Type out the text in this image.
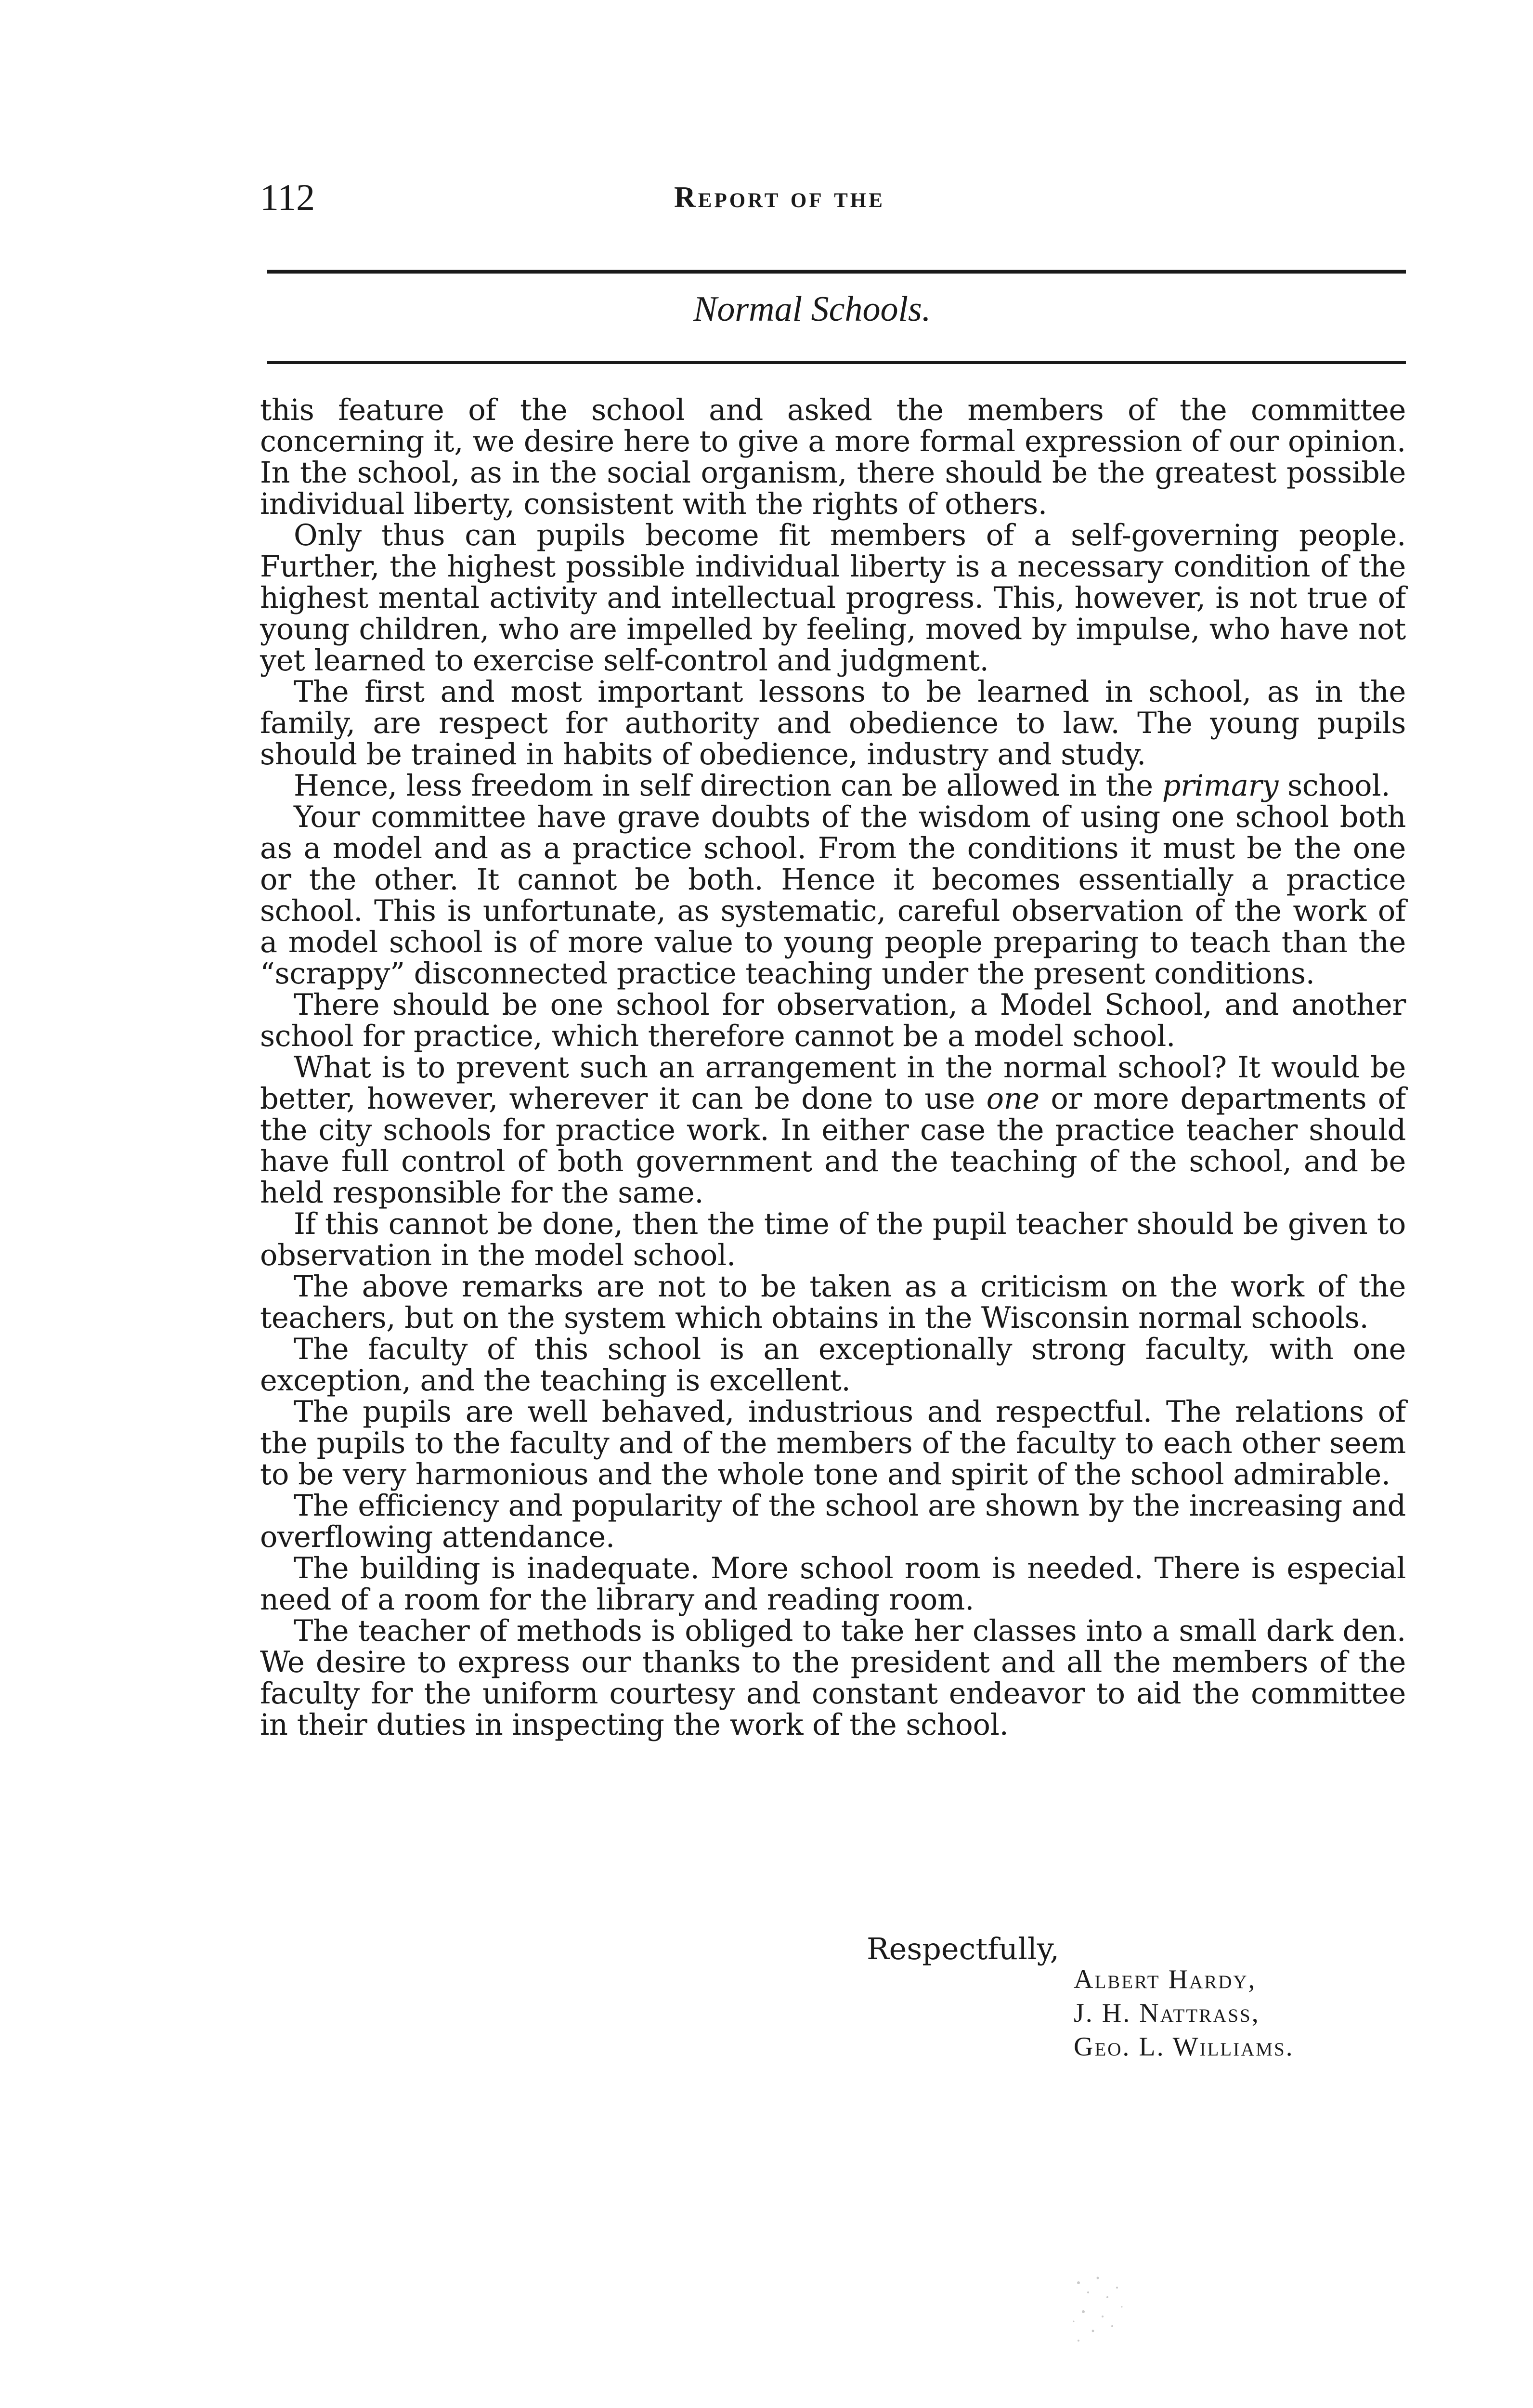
112	Report of the
Normal Schools.

this feature of the school and asked the members of the committee concerning it, we desire here to give a more formal expression of our opinion. In the school, as in the social organism, there should be the greatest possible individual liberty, consistent with the rights of others.

Only thus can pupils become fit members of a self-governing people. Further, the highest possible individual liberty is a necessary condition of the highest mental activity and intellectual progress. This, however, is not true of young children, who are impelled by feeling, moved by impulse, who have not yet learned to exercise self-control and judgment.

The first and most important lessons to be learned in school, as in the family, are respect for authority and obedience to law. The young pupils should be trained in habits of obedience, industry and study.

Hence, less freedom in self direction can be allowed in the primary school.

Your committee have grave doubts of the wisdom of using one school both as a model and as a practice school. From the conditions it must be the one or the other. It cannot be both. Hence it becomes essentially a practice school. This is unfortunate, as systematic, careful observation of the work of a model school is of more value to young people preparing to teach than the “scrappy” disconnected practice teaching under the present conditions.

There should be one school for observation, a Model School, and another school for practice, which therefore cannot be a model school.

What is to prevent such an arrangement in the normal school? It would be better, however, wherever it can be done to use one or more departments of the city schools for practice work. In either case the practice teacher should have full control of both government and the teaching of the school, and be held responsible for the same.

If this cannot be done, then the time of the pupil teacher should be given to observation in the model school.

The above remarks are not to be taken as a criticism on the work of the teachers, but on the system which obtains in the Wisconsin normal schools.

The faculty of this school is an exceptionally strong faculty, with one exception, and the teaching is excellent.

The pupils are well behaved, industrious and respectful. The relations of the pupils to the faculty and of the members of the faculty to each other seem to be very harmonious and the whole tone and spirit of the school admirable.

The efficiency and popularity of the school are shown by the increasing and overflowing attendance.

The building is inadequate. More school room is needed. There is especial need of a room for the library and reading room.

The teacher of methods is obliged to take her classes into a small dark den. We desire to express our thanks to the president and all the members of the faculty for the uniform courtesy and constant endeavor to aid the committee in their duties in inspecting the work of the school.

Respectfully,
Albert Hardy,
J. H. Nattrass,
Geo. L. Williams.
